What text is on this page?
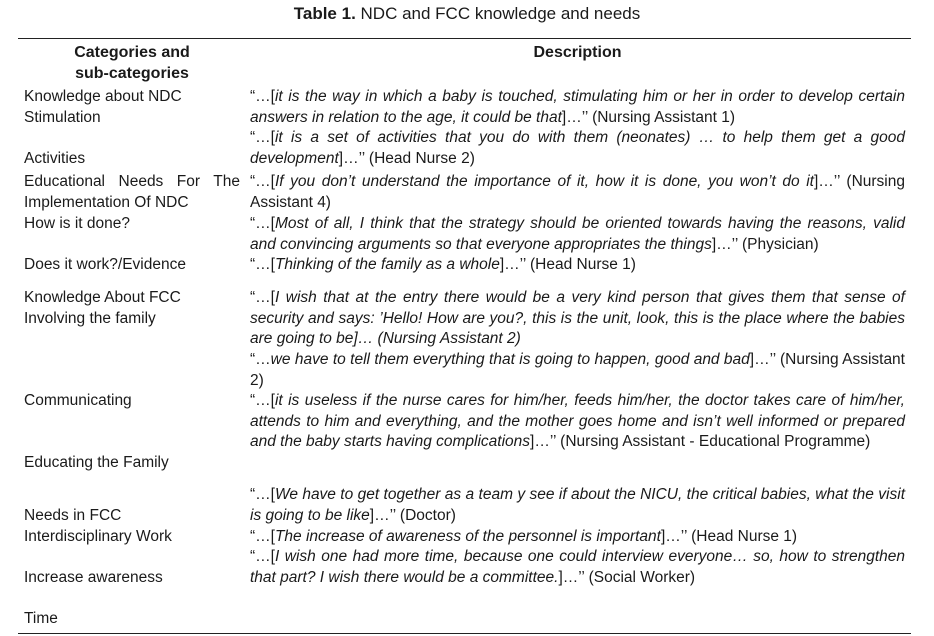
Table 1. NDC and FCC knowledge and needs
Categories and
sub-categories
Description
Knowledge about NDC
Stimulation
Activities
Educational Needs For The
Implementation Of NDC
How is it done?
Does it work?/Evidence
Knowledge About FCC
Involving the family
Communicating
Educating the Family
Needs in FCC
Interdisciplinary Work
Increase awareness
Time
“…[it is the way in which a baby is touched, stimulating him or her in order to develop certain answers in relation to the age, it could be that]…’’ (Nursing Assistant 1)
“…[it is a set of activities that you do with them (neonates) … to help them get a good development]…’’ (Head Nurse 2)
“…[If you don’t understand the importance of it, how it is done, you won’t do it]…’’ (Nursing Assistant 4)
“…[Most of all, I think that the strategy should be oriented towards having the reasons, valid and convincing arguments so that everyone appropriates the things]…’’ (Physician)
“…[Thinking of the family as a whole]…’’ (Head Nurse 1)
“…[I wish that at the entry there would be a very kind person that gives them that sense of security and says: ’Hello! How are you?, this is the unit, look, this is the place where the babies are going to be]… (Nursing Assistant 2)
“…we have to tell them everything that is going to happen, good and bad]…’’ (Nursing Assistant 2)
“…[it is useless if the nurse cares for him/her, feeds him/her, the doctor takes care of him/her, attends to him and everything, and the mother goes home and isn’t well informed or prepared and the baby starts having complications]…’’ (Nursing Assistant - Educational Programme)
“…[We have to get together as a team y see if about the NICU, the critical babies, what the visit is going to be like]…’’ (Doctor)
“…[The increase of awareness of the personnel is important]…’’ (Head Nurse 1)
“…[I wish one had more time, because one could interview everyone… so, how to strengthen that part? I wish there would be a committee.]…’’ (Social Worker)
